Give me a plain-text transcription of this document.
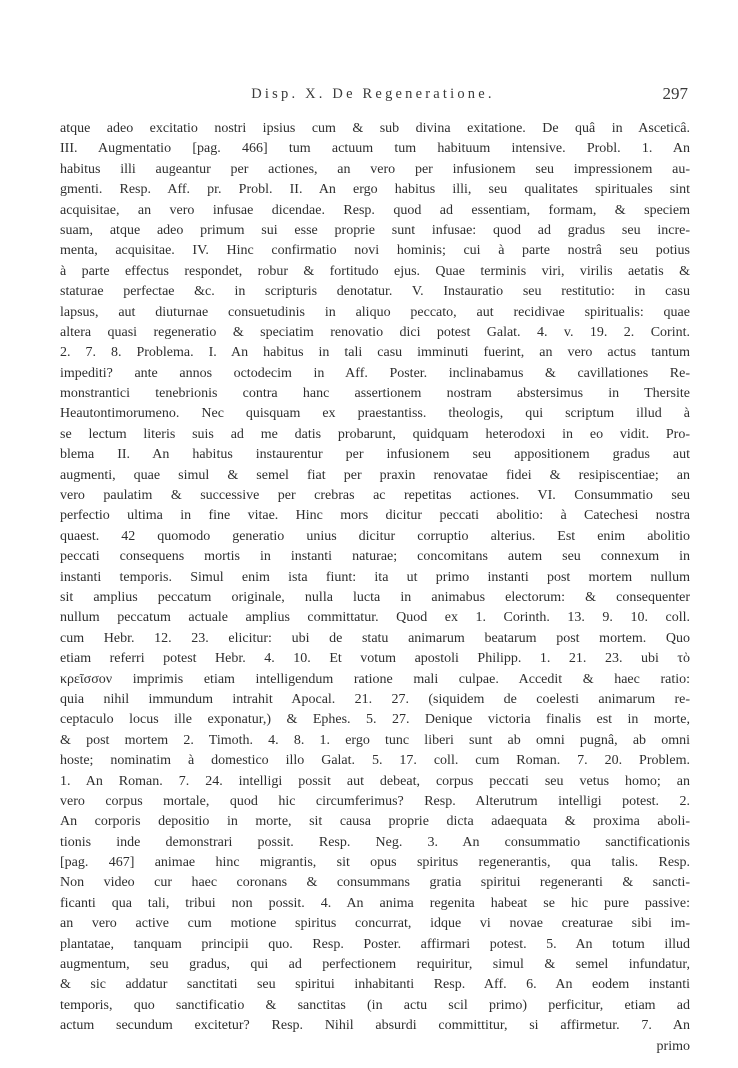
Disp. X. De Regeneratione.	297
atque adeo excitatio nostri ipsius cum & sub divina exitatione. De quâ in Asceticâ.
III. Augmentatio [pag. 466] tum actuum tum habituum intensive. Probl. 1. An
habitus illi augeantur per actiones, an vero per infusionem seu impressionem au-
gmenti. Resp. Aff. pr. Probl. II. An ergo habitus illi, seu qualitates spirituales sint
acquisitae, an vero infusae dicendae. Resp. quod ad essentiam, formam, & speciem
suam, atque adeo primum sui esse proprie sunt infusae: quod ad gradus seu incre-
menta, acquisitae. IV. Hinc confirmatio novi hominis; cui à parte nostrâ seu potius
à parte effectus respondet, robur & fortitudo ejus. Quae terminis viri, virilis aetatis &
staturae perfectae &c. in scripturis denotatur. V. Instauratio seu restitutio: in casu
lapsus, aut diuturnae consuetudinis in aliquo peccato, aut recidivae spiritualis: quae
altera quasi regeneratio & speciatim renovatio dici potest Galat. 4. v. 19. 2. Corint.
2. 7. 8. Problema. I. An habitus in tali casu imminuti fuerint, an vero actus tantum
impediti? ante annos octodecim in Aff. Poster. inclinabamus & cavillationes Re-
monstrantici tenebrionis contra hanc assertionem nostram abstersimus in Thersite
Heautontimorumeno. Nec quisquam ex praestantiss. theologis, qui scriptum illud à
se lectum literis suis ad me datis probarunt, quidquam heterodoxi in eo vidit. Pro-
blema II. An habitus instaurentur per infusionem seu appositionem gradus aut
augmenti, quae simul & semel fiat per praxin renovatae fidei & resipiscentiae; an
vero paulatim & successive per crebras ac repetitas actiones. VI. Consummatio seu
perfectio ultima in fine vitae. Hinc mors dicitur peccati abolitio: à Catechesi nostra
quaest. 42 quomodo generatio unius dicitur corruptio alterius. Est enim abolitio
peccati consequens mortis in instanti naturae; concomitans autem seu connexum in
instanti temporis. Simul enim ista fiunt: ita ut primo instanti post mortem nullum
sit amplius peccatum originale, nulla lucta in animabus electorum: & consequenter
nullum peccatum actuale amplius committatur. Quod ex 1. Corinth. 13. 9. 10. coll.
cum Hebr. 12. 23. elicitur: ubi de statu animarum beatarum post mortem. Quo
etiam referri potest Hebr. 4. 10. Et votum apostoli Philipp. 1. 21. 23. ubi τὸ
κρεῖσσον imprimis etiam intelligendum ratione mali culpae. Accedit & haec ratio:
quia nihil immundum intrahit Apocal. 21. 27. (siquidem de coelesti animarum re-
ceptaculo locus ille exponatur,) & Ephes. 5. 27. Denique victoria finalis est in morte,
& post mortem 2. Timoth. 4. 8. 1. ergo tunc liberi sunt ab omni pugnâ, ab omni
hoste; nominatim à domestico illo Galat. 5. 17. coll. cum Roman. 7. 20. Problem.
1. An Roman. 7. 24. intelligi possit aut debeat, corpus peccati seu vetus homo; an
vero corpus mortale, quod hic circumferimus? Resp. Alterutrum intelligi potest. 2.
An corporis depositio in morte, sit causa proprie dicta adaequata & proxima aboli-
tionis inde demonstrari possit. Resp. Neg. 3. An consummatio sanctificationis
[pag. 467] animae hinc migrantis, sit opus spiritus regenerantis, qua talis. Resp.
Non video cur haec coronans & consummans gratia spiritui regeneranti & sancti-
ficanti qua tali, tribui non possit. 4. An anima regenita habeat se hic pure passive:
an vero active cum motione spiritus concurrat, idque vi novae creaturae sibi im-
plantatae, tanquam principii quo. Resp. Poster. affirmari potest. 5. An totum illud
augmentum, seu gradus, qui ad perfectionem requiritur, simul & semel infundatur,
& sic addatur sanctitati seu spiritui inhabitanti Resp. Aff. 6. An eodem instanti
temporis, quo sanctificatio & sanctitas (in actu scil primo) perficitur, etiam ad
actum secundum excitetur? Resp. Nihil absurdi committitur, si affirmetur. 7. An
primo
